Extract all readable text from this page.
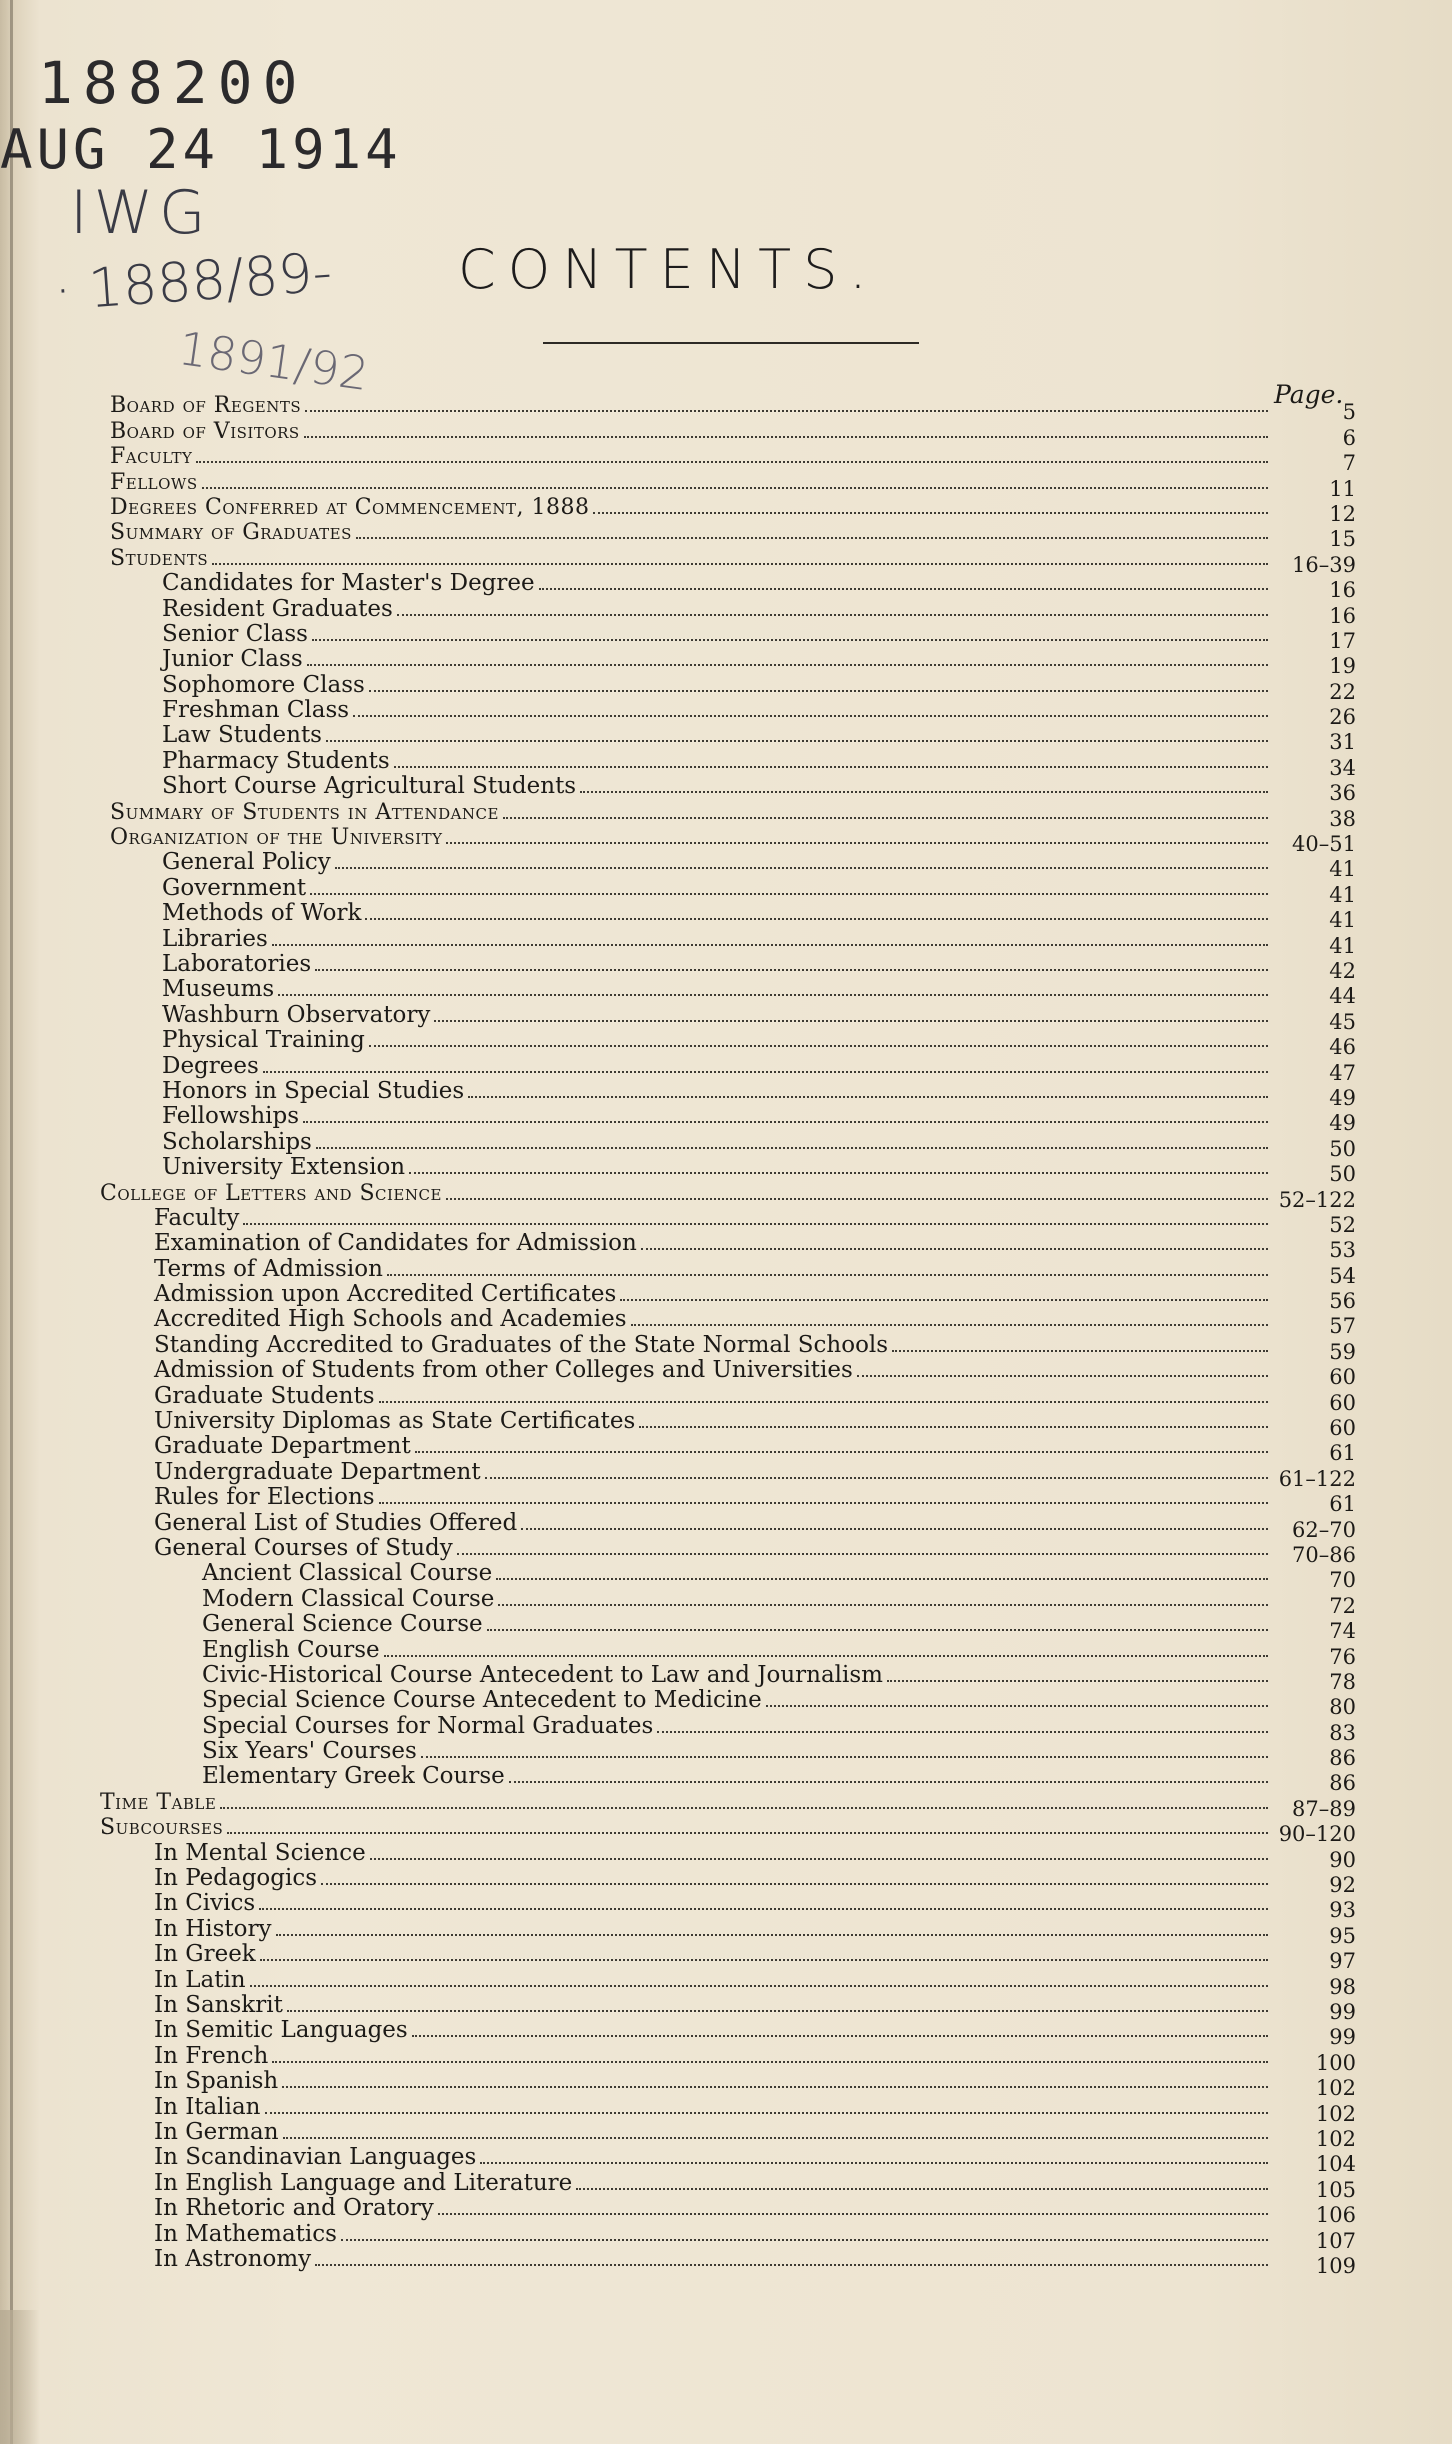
188200
AUG 24 1914
IWG
· 1888/89-
1891/92
CONTENTS.
Page.
Board of Regents	5
Board of Visitors	6
Faculty	7
Fellows	11
Degrees Conferred at Commencement, 1888	12
Summary of Graduates	15
Students	16–39
Candidates for Master's Degree	16
Resident Graduates	16
Senior Class	17
Junior Class	19
Sophomore Class	22
Freshman Class	26
Law Students	31
Pharmacy Students	34
Short Course Agricultural Students	36
Summary of Students in Attendance	38
Organization of the University	40–51
General Policy	41
Government	41
Methods of Work	41
Libraries	41
Laboratories	42
Museums	44
Washburn Observatory	45
Physical Training	46
Degrees	47
Honors in Special Studies	49
Fellowships	49
Scholarships	50
University Extension	50
College of Letters and Science	52–122
Faculty	52
Examination of Candidates for Admission	53
Terms of Admission	54
Admission upon Accredited Certificates	56
Accredited High Schools and Academies	57
Standing Accredited to Graduates of the State Normal Schools	59
Admission of Students from other Colleges and Universities	60
Graduate Students	60
University Diplomas as State Certificates	60
Graduate Department	61
Undergraduate Department	61–122
Rules for Elections	61
General List of Studies Offered	62–70
General Courses of Study	70–86
Ancient Classical Course	70
Modern Classical Course	72
General Science Course	74
English Course	76
Civic-Historical Course Antecedent to Law and Journalism	78
Special Science Course Antecedent to Medicine	80
Special Courses for Normal Graduates	83
Six Years' Courses	86
Elementary Greek Course	86
Time Table	87–89
Subcourses	90–120
In Mental Science	90
In Pedagogics	92
In Civics	93
In History	95
In Greek	97
In Latin	98
In Sanskrit	99
In Semitic Languages	99
In French	100
In Spanish	102
In Italian	102
In German	102
In Scandinavian Languages	104
In English Language and Literature	105
In Rhetoric and Oratory	106
In Mathematics	107
In Astronomy	109
